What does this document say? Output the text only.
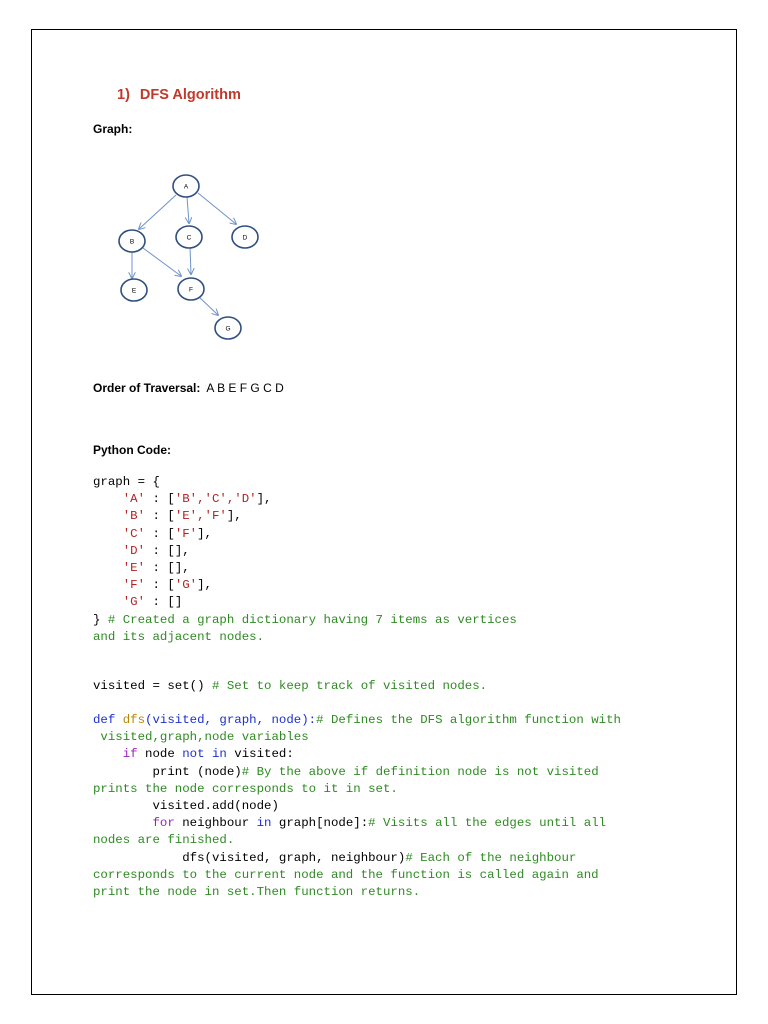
1) DFS Algorithm
Graph:
A
B
C	D
E	F
G
Order of Traversal: A B E F G C D
Python Code:
graph = {
'A' : ['B','C','D'],
'B' : ['E','F'],
'C' : ['F'],
'D' : [],
'E' : [],
'F' : ['G'],
'G' : []
} # Created a graph dictionary having 7 items as vertices
and its adjacent nodes.
visited = set() # Set to keep track of visited nodes.
def dfs(visited, graph, node):# Defines the DFS algorithm function with
visited,graph,node variables
if node not in visited:
print (node)# By the above if definition node is not visited
prints the node corresponds to it in set.
visited.add(node)
for neighbour in graph[node]:# Visits all the edges until all
nodes are finished.
dfs(visited, graph, neighbour)# Each of the neighbour
corresponds to the current node and the function is called again and
print the node in set.Then function returns.
